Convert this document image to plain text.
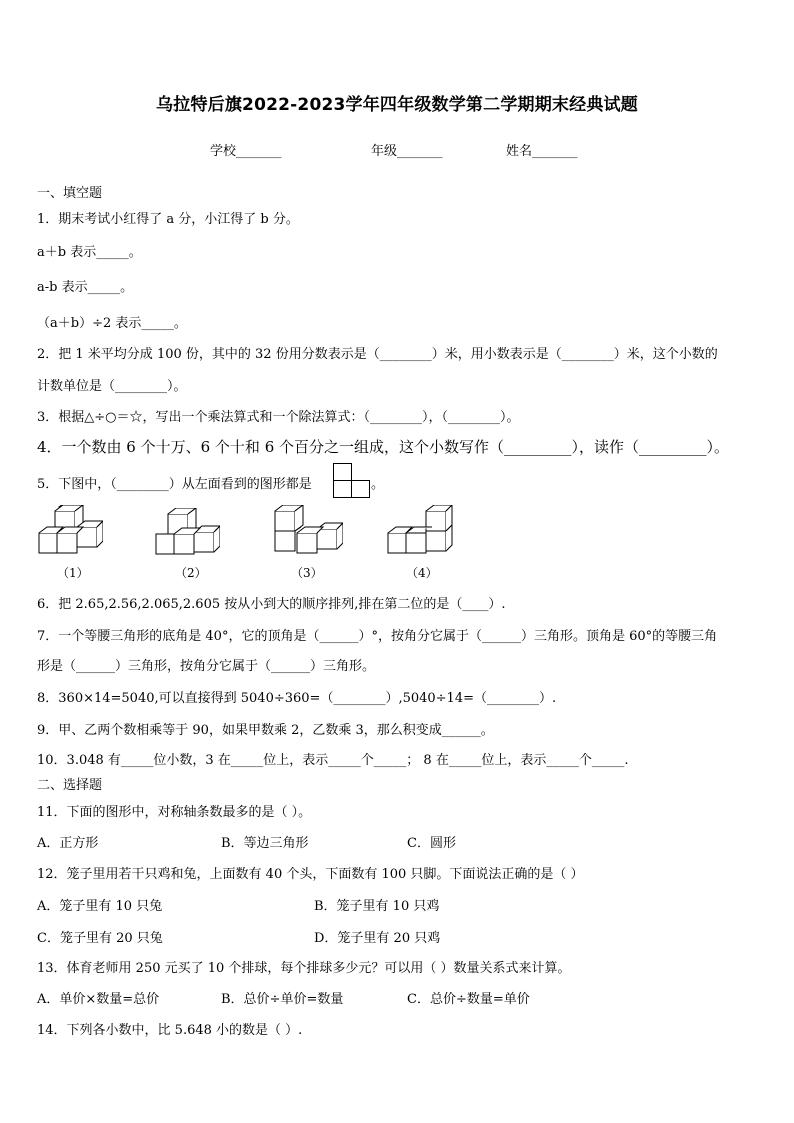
乌拉特后旗2022-2023学年四年级数学第二学期期末经典试题
学校_______	年级_______	姓名_______
一、填空题
1．期末考试小红得了 a 分，小江得了 b 分。
a＋b 表示_____。
a-b 表示_____。
（a＋b）÷2 表示_____。
2．把 1 米平均分成 100 份，其中的 32 份用分数表示是（________）米，用小数表示是（________）米，这个小数的
计数单位是（________）。
3．根据△÷○＝☆，写出一个乘法算式和一个除法算式：（________），（________）。
4．一个数由 6 个十万、6 个十和 6 个百分之一组成，这个小数写作（_________），读作（_________）。
5．下图中，（________）从左面看到的图形都是	。
（1）	（2）	（3）	（4）
6．把 2.65,2.56,2.065,2.605 按从小到大的顺序排列,排在第二位的是（____）.
7．一个等腰三角形的底角是 40°，它的顶角是（______）°，按角分它属于（______）三角形。顶角是 60°的等腰三角
形是（______）三角形，按角分它属于（______）三角形。
8．360×14=5040,可以直接得到 5040÷360=（________）,5040÷14=（________）.
9．甲、乙两个数相乘等于 90，如果甲数乘 2，乙数乘 3，那么积变成______。
10．3.048 有_____位小数，3 在_____位上，表示_____个_____； 8 在_____位上，表示_____个_____.
二、选择题
11．下面的图形中，对称轴条数最多的是（ ）。
A．正方形	B．等边三角形	C．圆形
12．笼子里用若干只鸡和兔，上面数有 40 个头，下面数有 100 只脚。下面说法正确的是（ ）
A．笼子里有 10 只兔	B．笼子里有 10 只鸡
C．笼子里有 20 只兔	D．笼子里有 20 只鸡
13．体育老师用 250 元买了 10 个排球，每个排球多少元？可以用（ ）数量关系式来计算。
A．单价×数量=总价	B．总价÷单价=数量	C．总价÷数量=单价
14．下列各小数中，比 5.648 小的数是（ ）.
